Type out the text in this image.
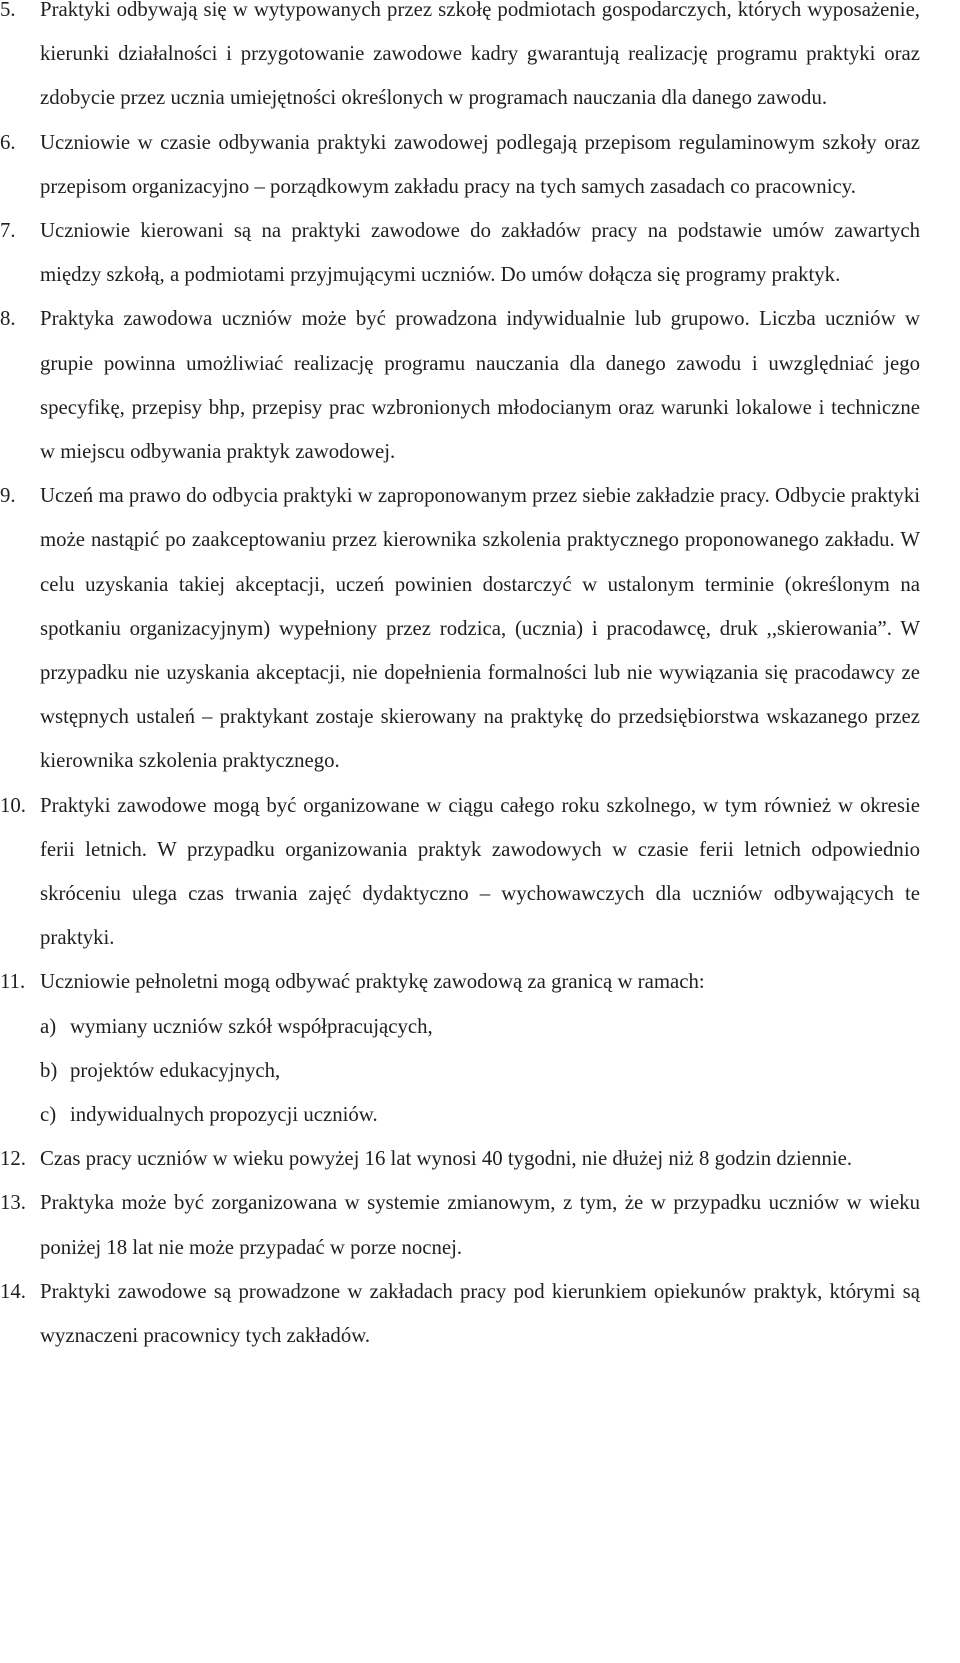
5. Praktyki odbywają się w wytypowanych przez szkołę podmiotach gospodarczych, których wyposażenie, kierunki działalności i przygotowanie zawodowe kadry gwarantują realizację programu praktyki oraz zdobycie przez ucznia umiejętności określonych w programach nauczania dla danego zawodu.
6. Uczniowie w czasie odbywania praktyki zawodowej podlegają przepisom regulaminowym szkoły oraz przepisom organizacyjno – porządkowym zakładu pracy na tych samych zasadach co pracownicy.
7. Uczniowie kierowani są na praktyki zawodowe do zakładów pracy na podstawie umów zawartych między szkołą, a podmiotami przyjmującymi uczniów. Do umów dołącza się programy praktyk.
8. Praktyka zawodowa uczniów może być prowadzona indywidualnie lub grupowo. Liczba uczniów w grupie powinna umożliwiać realizację programu nauczania dla danego zawodu i uwzględniać jego specyfikę, przepisy bhp, przepisy prac wzbronionych młodocianym oraz warunki lokalowe i techniczne w miejscu odbywania praktyk zawodowej.
9. Uczeń ma prawo do odbycia praktyki w zaproponowanym przez siebie zakładzie pracy. Odbycie praktyki może nastąpić po zaakceptowaniu przez kierownika szkolenia praktycznego proponowanego zakładu. W celu uzyskania takiej akceptacji, uczeń powinien dostarczyć w ustalonym terminie (określonym na spotkaniu organizacyjnym) wypełniony przez rodzica, (ucznia) i pracodawcę, druk ,,skierowania”. W przypadku nie uzyskania akceptacji, nie dopełnienia formalności lub nie wywiązania się pracodawcy ze wstępnych ustaleń – praktykant zostaje skierowany na praktykę do przedsiębiorstwa wskazanego przez kierownika szkolenia praktycznego.
10. Praktyki zawodowe mogą być organizowane w ciągu całego roku szkolnego, w tym również w okresie ferii letnich. W przypadku organizowania praktyk zawodowych w czasie ferii letnich odpowiednio skróceniu ulega czas trwania zajęć dydaktyczno – wychowawczych dla uczniów odbywających te praktyki.
11. Uczniowie pełnoletni mogą odbywać praktykę zawodową za granicą w ramach:
a) wymiany uczniów szkół współpracujących,
b) projektów edukacyjnych,
c) indywidualnych propozycji uczniów.
12. Czas pracy uczniów w wieku powyżej 16 lat wynosi 40 tygodni, nie dłużej niż 8 godzin dziennie.
13. Praktyka może być zorganizowana w systemie zmianowym, z tym, że w przypadku uczniów w wieku poniżej 18 lat nie może przypadać w porze nocnej.
14. Praktyki zawodowe są prowadzone w zakładach pracy pod kierunkiem opiekunów praktyk, którymi są wyznaczeni pracownicy tych zakładów.
